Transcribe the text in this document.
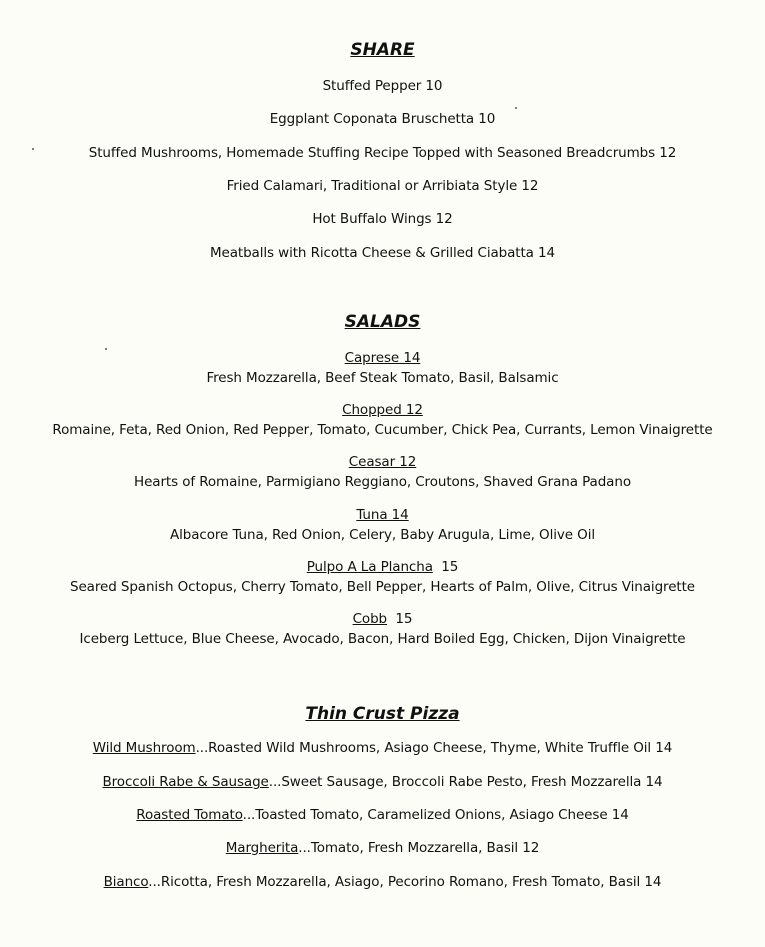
SHARE
Stuffed Pepper 10
Eggplant Coponata Bruschetta 10
Stuffed Mushrooms, Homemade Stuffing Recipe Topped with Seasoned Breadcrumbs 12
Fried Calamari, Traditional or Arribiata Style 12
Hot Buffalo Wings 12
Meatballs with Ricotta Cheese & Grilled Ciabatta 14
SALADS
Caprese 14
Fresh Mozzarella, Beef Steak Tomato, Basil, Balsamic
Chopped 12
Romaine, Feta, Red Onion, Red Pepper, Tomato, Cucumber, Chick Pea, Currants, Lemon Vinaigrette
Ceasar 12
Hearts of Romaine, Parmigiano Reggiano, Croutons, Shaved Grana Padano
Tuna 14
Albacore Tuna, Red Onion, Celery, Baby Arugula, Lime, Olive Oil
Pulpo A La Plancha 15
Seared Spanish Octopus, Cherry Tomato, Bell Pepper, Hearts of Palm, Olive, Citrus Vinaigrette
Cobb 15
Iceberg Lettuce, Blue Cheese, Avocado, Bacon, Hard Boiled Egg, Chicken, Dijon Vinaigrette
Thin Crust Pizza
Wild Mushroom...Roasted Wild Mushrooms, Asiago Cheese, Thyme, White Truffle Oil 14
Broccoli Rabe & Sausage...Sweet Sausage, Broccoli Rabe Pesto, Fresh Mozzarella 14
Roasted Tomato...Toasted Tomato, Caramelized Onions, Asiago Cheese 14
Margherita...Tomato, Fresh Mozzarella, Basil 12
Bianco...Ricotta, Fresh Mozzarella, Asiago, Pecorino Romano, Fresh Tomato, Basil 14
